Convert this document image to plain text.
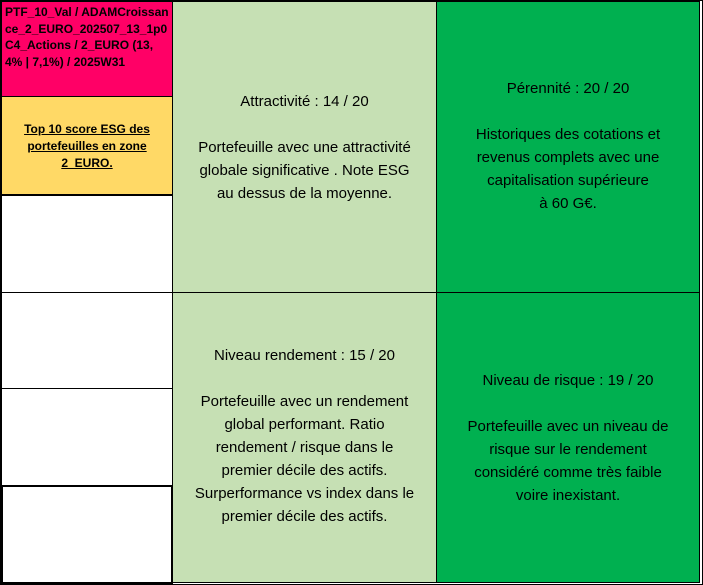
PTF_10_Val / ADAMCroissance_2_EURO_202507_13_1p0 C4_Actions / 2_EURO (13,4% | 7,1%) / 2025W31
Top 10 score ESG des portefeuilles en zone 2_EURO.
Attractivité : 14 / 20
Portefeuille avec une attractivité
globale significative . Note ESG
au dessus de la moyenne.
Pérennité : 20 / 20
Historiques des cotations et
revenus complets avec une
capitalisation supérieure
à 60 G€.
Niveau rendement : 15 / 20
Portefeuille avec un rendement
global performant. Ratio
rendement / risque dans le
premier décile des actifs.
Surperformance vs index dans le
premier décile des actifs.
Niveau de risque : 19 / 20
Portefeuille avec un niveau de
risque sur le rendement
considéré comme très faible
voire inexistant.
